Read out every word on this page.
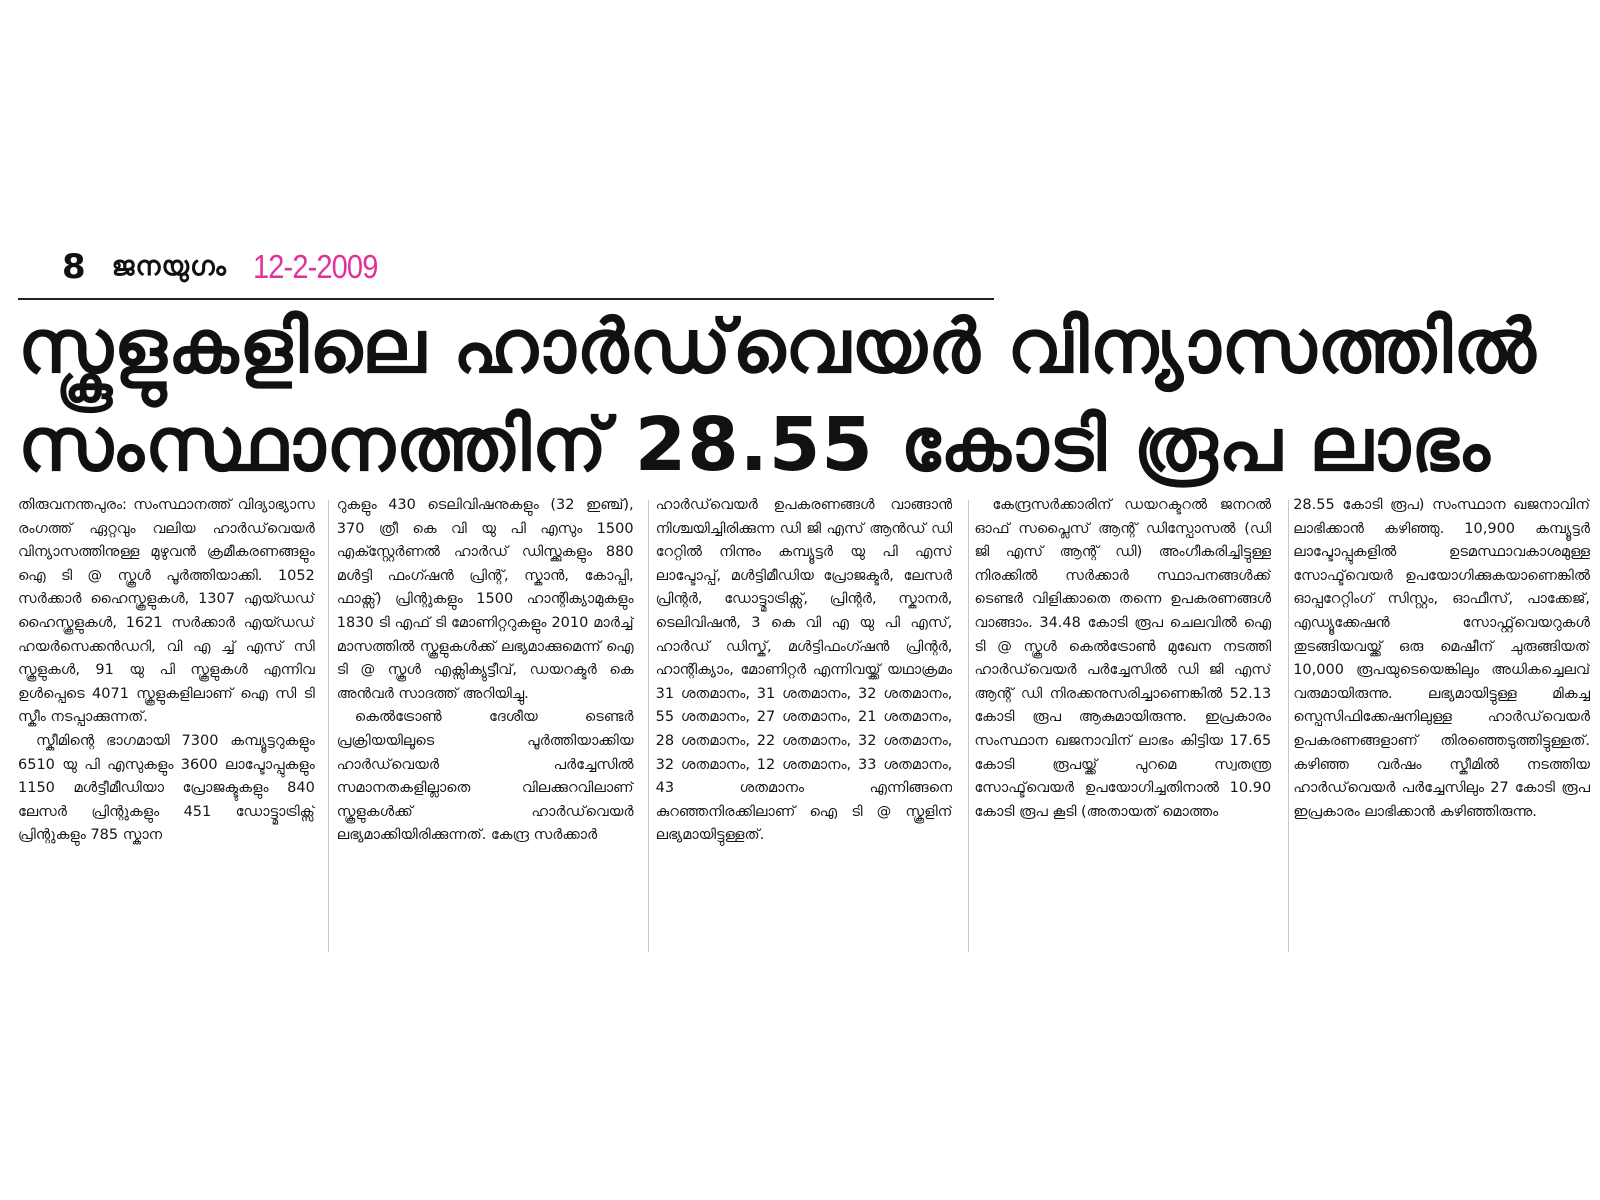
8 ജനയുഗം 12-2-2009
സ്കൂളുകളിലെ ഹാർഡ്‌വെയർ വിന്യാസത്തിൽ
സംസ്ഥാനത്തിന് 28.55 കോടി രൂപ ലാഭം

തിരുവനന്തപുരം: സംസ്ഥാനത്ത് വിദ്യാഭ്യാസ രംഗത്ത് ഏറ്റവും വലിയ ഹാർഡ്‌വെയർ വിന്യാസത്തിനുള്ള മുഴുവൻ ക്രമീകരണങ്ങളും ഐ ടി @ സ്കൂൾ പൂർത്തിയാക്കി. 1052 സർക്കാർ ഹൈസ്കൂളുകൾ, 1307 എയ്ഡഡ് ഹൈസ്കൂളുകൾ, 1621 സർക്കാർ എയ്ഡഡ് ഹയർസെക്കൻഡറി, വി എ ച്ച് എസ് സി സ്കൂളുകൾ, 91 യു പി സ്കൂളുകൾ എന്നിവ ഉൾപ്പെടെ 4071 സ്കൂളുകളിലാണ് ഐ സി ടി സ്കീം നടപ്പാക്കുന്നത്.

സ്കീമിന്റെ ഭാഗമായി 7300 കമ്പ്യൂട്ടറുകളും 6510 യു പി എസുകളും 3600 ലാപ്ടോപ്പുകളും 1150 മൾട്ടീമീഡിയാ പ്രോജക്ടുകളും 840 ലേസർ പ്രിന്റുകളും 451 ഡോട്ട്മാട്രിക്സ് പ്രിന്റുകളും 785 സ്കാന

റുകളും 430 ടെലിവിഷനുകളും (32 ഇഞ്ച്), 370 ത്രീ കെ വി യു പി എസും 1500 എക്സ്റ്റേർണൽ ഹാർഡ് ഡിസ്ക്കുകളും 880 മൾട്ടി ഫംഗ്ഷൻ പ്രിന്റ്, സ്കാൻ, കോപ്പി, ഫാക്സ്) പ്രിന്റുകളും 1500 ഹാന്റിക്യാമുകളും 1830 ടി എഫ് ടി മോണിറ്ററുകളും 2010 മാർച്ച് മാസത്തിൽ സ്കൂളുകൾക്ക് ലഭ്യമാക്കുമെന്ന് ഐ ടി @ സ്കൂൾ എക്സിക്യുട്ടീവ്, ഡയറക്ടർ കെ അൻവർ സാദത്ത് അറിയിച്ചു.

കെൽട്രോൺ ദേശീയ ടെണ്ടർ പ്രക്രിയയിലൂടെ പൂർത്തിയാക്കിയ ഹാർഡ്‌വെയർ പർച്ചേസിൽ സമാനതകളില്ലാതെ വിലക്കുറവിലാണ് സ്കൂളുകൾക്ക് ഹാർഡ്‌വെയർ ലഭ്യമാക്കിയിരിക്കുന്നത്. കേന്ദ്ര സർക്കാർ

ഹാർഡ്‌വെയർ ഉപകരണങ്ങൾ വാങ്ങാൻ നിശ്ചയിച്ചിരിക്കുന്ന ഡി ജി എസ് ആൻഡ് ഡി റേറ്റിൽ നിന്നും കമ്പ്യൂട്ടർ യു പി എസ് ലാപ്ടോപ്പ്, മൾട്ടിമീഡിയ പ്രോജക്ടർ, ലേസർ പ്രിന്റർ, ഡോട്ട്മാട്രിക്സ്, പ്രിന്റർ, സ്കാനർ, ടെലിവിഷൻ, 3 കെ വി എ യു പി എസ്, ഹാർഡ് ഡിസ്ക്, മൾട്ടിഫംഗ്ഷൻ പ്രിന്റർ, ഹാന്റിക്യാം, മോണിറ്റർ എന്നിവയ്ക്ക് യഥാക്രമം 31 ശതമാനം, 31 ശതമാനം, 32 ശതമാനം, 55 ശതമാനം, 27 ശതമാനം, 21 ശതമാനം, 28 ശതമാനം, 22 ശതമാനം, 32 ശതമാനം, 32 ശതമാനം, 12 ശതമാനം, 33 ശതമാനം, 43 ശതമാനം എന്നിങ്ങനെ കുറഞ്ഞനിരക്കിലാണ് ഐ ടി @ സ്കൂളിന് ലഭ്യമായിട്ടുള്ളത്.

കേന്ദ്രസർക്കാരിന് ഡയറക്ടറൽ ജനറൽ ഓഫ് സപ്ലൈസ് ആന്റ് ഡിസ്പോസൽ (ഡി ജി എസ് ആന്റ് ഡി) അംഗീകരിച്ചിട്ടുള്ള നിരക്കിൽ സർക്കാർ സ്ഥാപനങ്ങൾക്ക് ടെണ്ടർ വിളിക്കാതെ തന്നെ ഉപകരണങ്ങൾ വാങ്ങാം. 34.48 കോടി രൂപ ചെലവിൽ ഐ ടി @ സ്കൂൾ കെൽട്രോൺ മുഖേന നടത്തി ഹാർഡ്‌വെയർ പർച്ചേസിൽ ഡി ജി എസ് ആന്റ് ഡി നിരക്കനുസരിച്ചാണെങ്കിൽ 52.13 കോടി രൂപ ആകുമായിരുന്നു. ഇപ്രകാരം സംസ്ഥാന ഖജനാവിന് ലാഭം കിട്ടിയ 17.65 കോടി രൂപയ്ക്ക് പുറമെ സ്വതന്ത്ര സോഫ്ട്‌വെയർ ഉപയോഗിച്ചതിനാൽ 10.90 കോടി രൂപ കൂടി (അതായത് മൊത്തം

28.55 കോടി രൂപ) സംസ്ഥാന ഖജനാവിന് ലാഭിക്കാൻ കഴിഞ്ഞു. 10,900 കമ്പ്യൂട്ടർ ലാപ്ടോപ്പുകളിൽ ഉടമസ്ഥാവകാശമുള്ള സോഫ്ട്‌വെയർ ഉപയോഗിക്കുകയാണെങ്കിൽ ഓപ്പറേറ്റിംഗ് സിസ്റ്റം, ഓഫീസ്, പാക്കേജ്, എഡ്യൂക്കേഷൻ സോഫ്റ്റ്‌വെയറുകൾ തുടങ്ങിയവയ്ക്ക് ഒരു മെഷീന് ചുരുങ്ങിയത് 10,000 രൂപയുടെയെങ്കിലും അധികച്ചെലവ് വരുമായിരുന്നു. ലഭ്യമായിട്ടുള്ള മികച്ച സ്പെസിഫിക്കേഷനിലുള്ള ഹാർഡ്‌വെയർ ഉപകരണങ്ങളാണ് തിരഞ്ഞെടുത്തിട്ടുള്ളത്. കഴിഞ്ഞ വർഷം സ്കീമിൽ നടത്തിയ ഹാർഡ്‌വെയർ പർച്ചേസിലും 27 കോടി രൂപ ഇപ്രകാരം ലാഭിക്കാൻ കഴിഞ്ഞിരുന്നു.
